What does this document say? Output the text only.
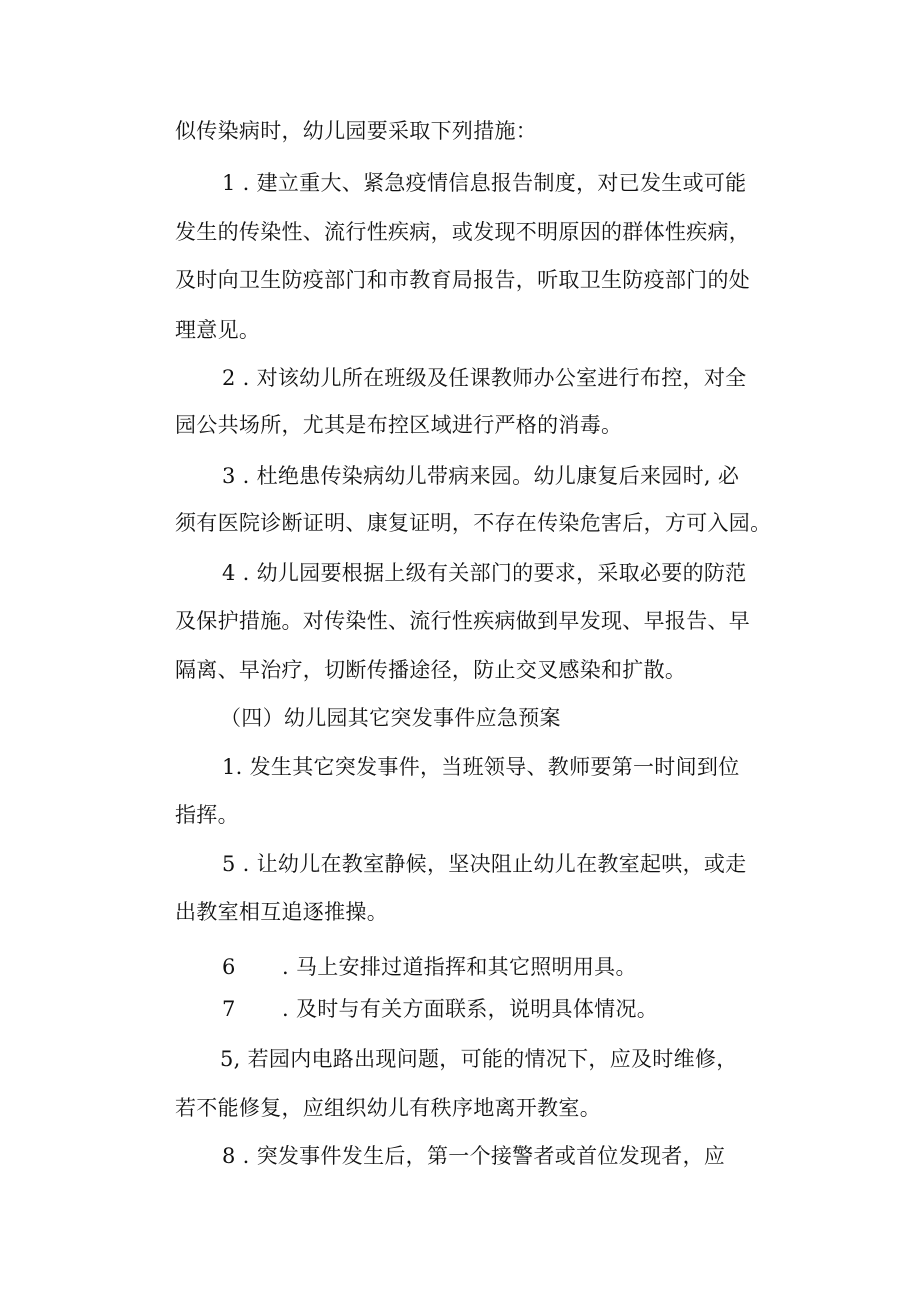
似传染病时，幼儿园要采取下列措施：
1 . 建立重大、紧急疫情信息报告制度，对已发生或可能
发生的传染性、流行性疾病，或发现不明原因的群体性疾病，
及时向卫生防疫部门和市教育局报告，听取卫生防疫部门的处
理意见。
2 . 对该幼儿所在班级及任课教师办公室进行布控，对全
园公共场所，尤其是布控区域进行严格的消毒。
3 . 杜绝患传染病幼儿带病来园。幼儿康复后来园时, 必
须有医院诊断证明、康复证明，不存在传染危害后，方可入园。
4 . 幼儿园要根据上级有关部门的要求，采取必要的防范
及保护措施。对传染性、流行性疾病做到早发现、早报告、早
隔离、早治疗，切断传播途径，防止交叉感染和扩散。
（四）幼儿园其它突发事件应急预案
1. 发生其它突发事件，当班领导、教师要第一时间到位
指挥。
5 . 让幼儿在教室静候，坚决阻止幼儿在教室起哄，或走
出教室相互追逐推操。
6 . 马上安排过道指挥和其它照明用具。
7 . 及时与有关方面联系，说明具体情况。
5, 若园内电路出现问题，可能的情况下，应及时维修，
若不能修复，应组织幼儿有秩序地离开教室。
8 . 突发事件发生后，第一个接警者或首位发现者，应
